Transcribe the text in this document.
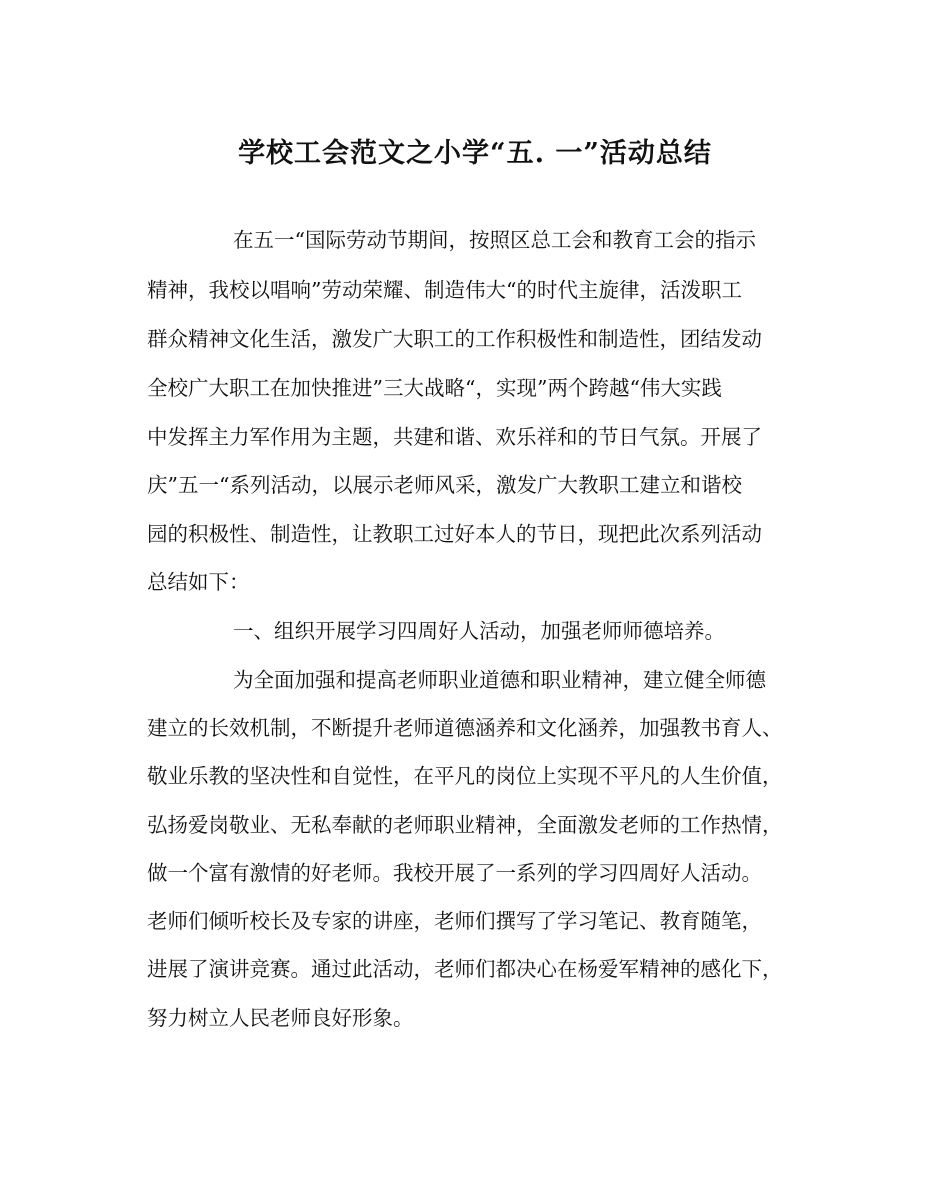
学校工会范文之小学“五. 一”活动总结

在五一“国际劳动节期间，按照区总工会和教育工会的指示

精神，我校以唱响”劳动荣耀、制造伟大“的时代主旋律，活泼职工

群众精神文化生活，激发广大职工的工作积极性和制造性，团结发动

全校广大职工在加快推进”三大战略“，实现”两个跨越“伟大实践

中发挥主力军作用为主题，共建和谐、欢乐祥和的节日气氛。开展了

庆”五一“系列活动，以展示老师风采，激发广大教职工建立和谐校

园的积极性、制造性，让教职工过好本人的节日，现把此次系列活动

总结如下：

一、组织开展学习四周好人活动，加强老师师德培养。

为全面加强和提高老师职业道德和职业精神，建立健全师德

建立的长效机制，不断提升老师道德涵养和文化涵养，加强教书育人、

敬业乐教的坚决性和自觉性，在平凡的岗位上实现不平凡的人生价值，

弘扬爱岗敬业、无私奉献的老师职业精神，全面激发老师的工作热情，

做一个富有激情的好老师。我校开展了一系列的学习四周好人活动。

老师们倾听校长及专家的讲座，老师们撰写了学习笔记、教育随笔，

进展了演讲竞赛。通过此活动，老师们都决心在杨爱军精神的感化下，

努力树立人民老师良好形象。
